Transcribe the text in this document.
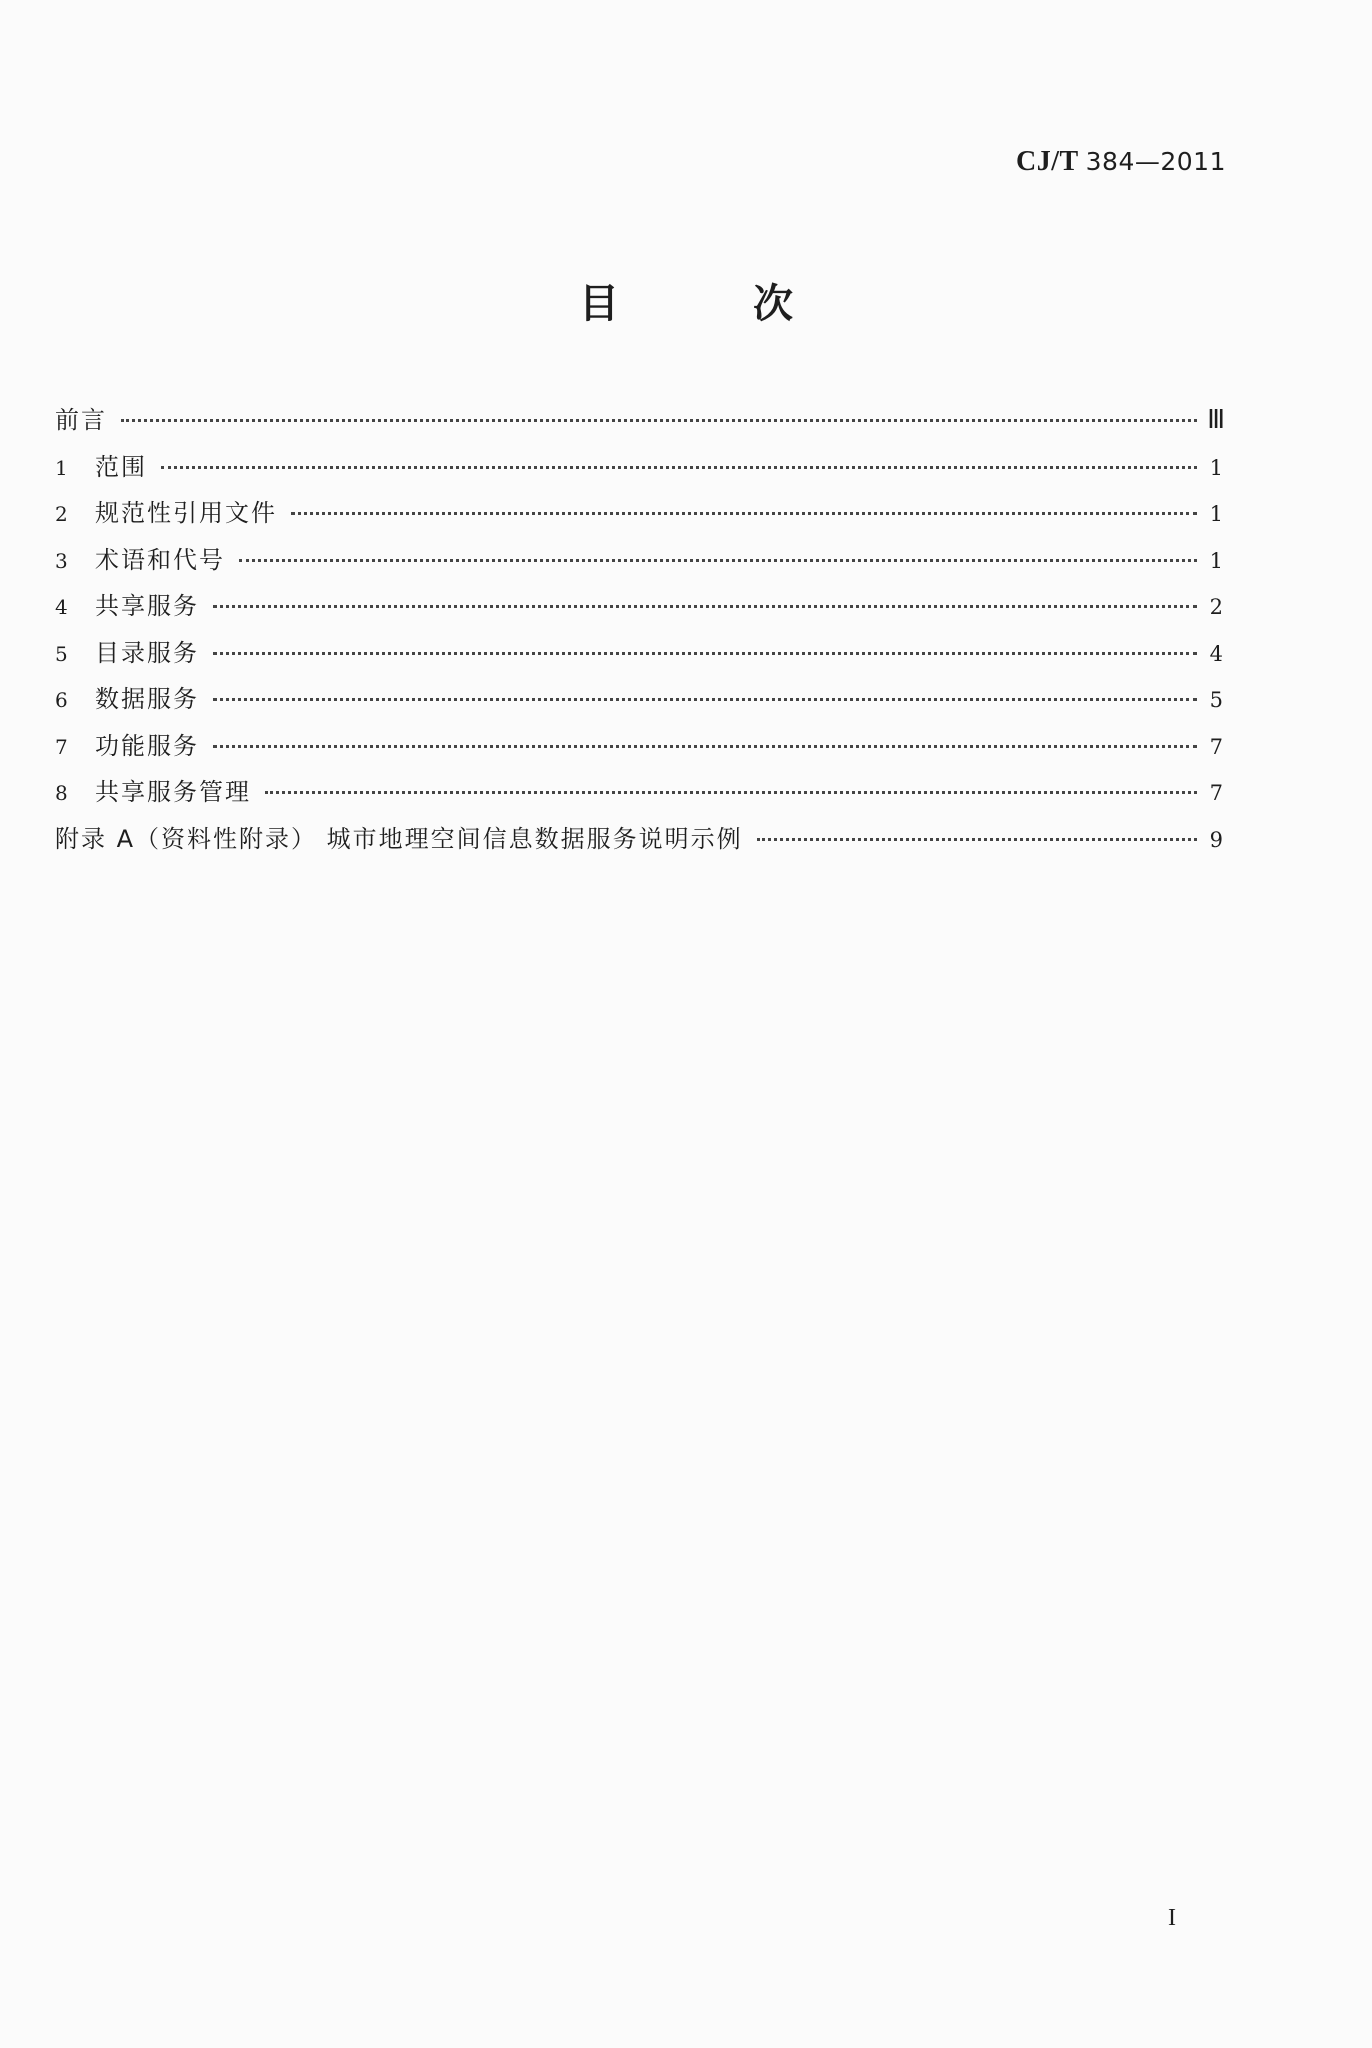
CJ/T 384—2011
目 次
前言	Ⅲ
1	范围	1
2	规范性引用文件	1
3	术语和代号	1
4	共享服务	2
5	目录服务	4
6	数据服务	5
7	功能服务	7
8	共享服务管理	7
附录 A（资料性附录） 城市地理空间信息数据服务说明示例	9
I
